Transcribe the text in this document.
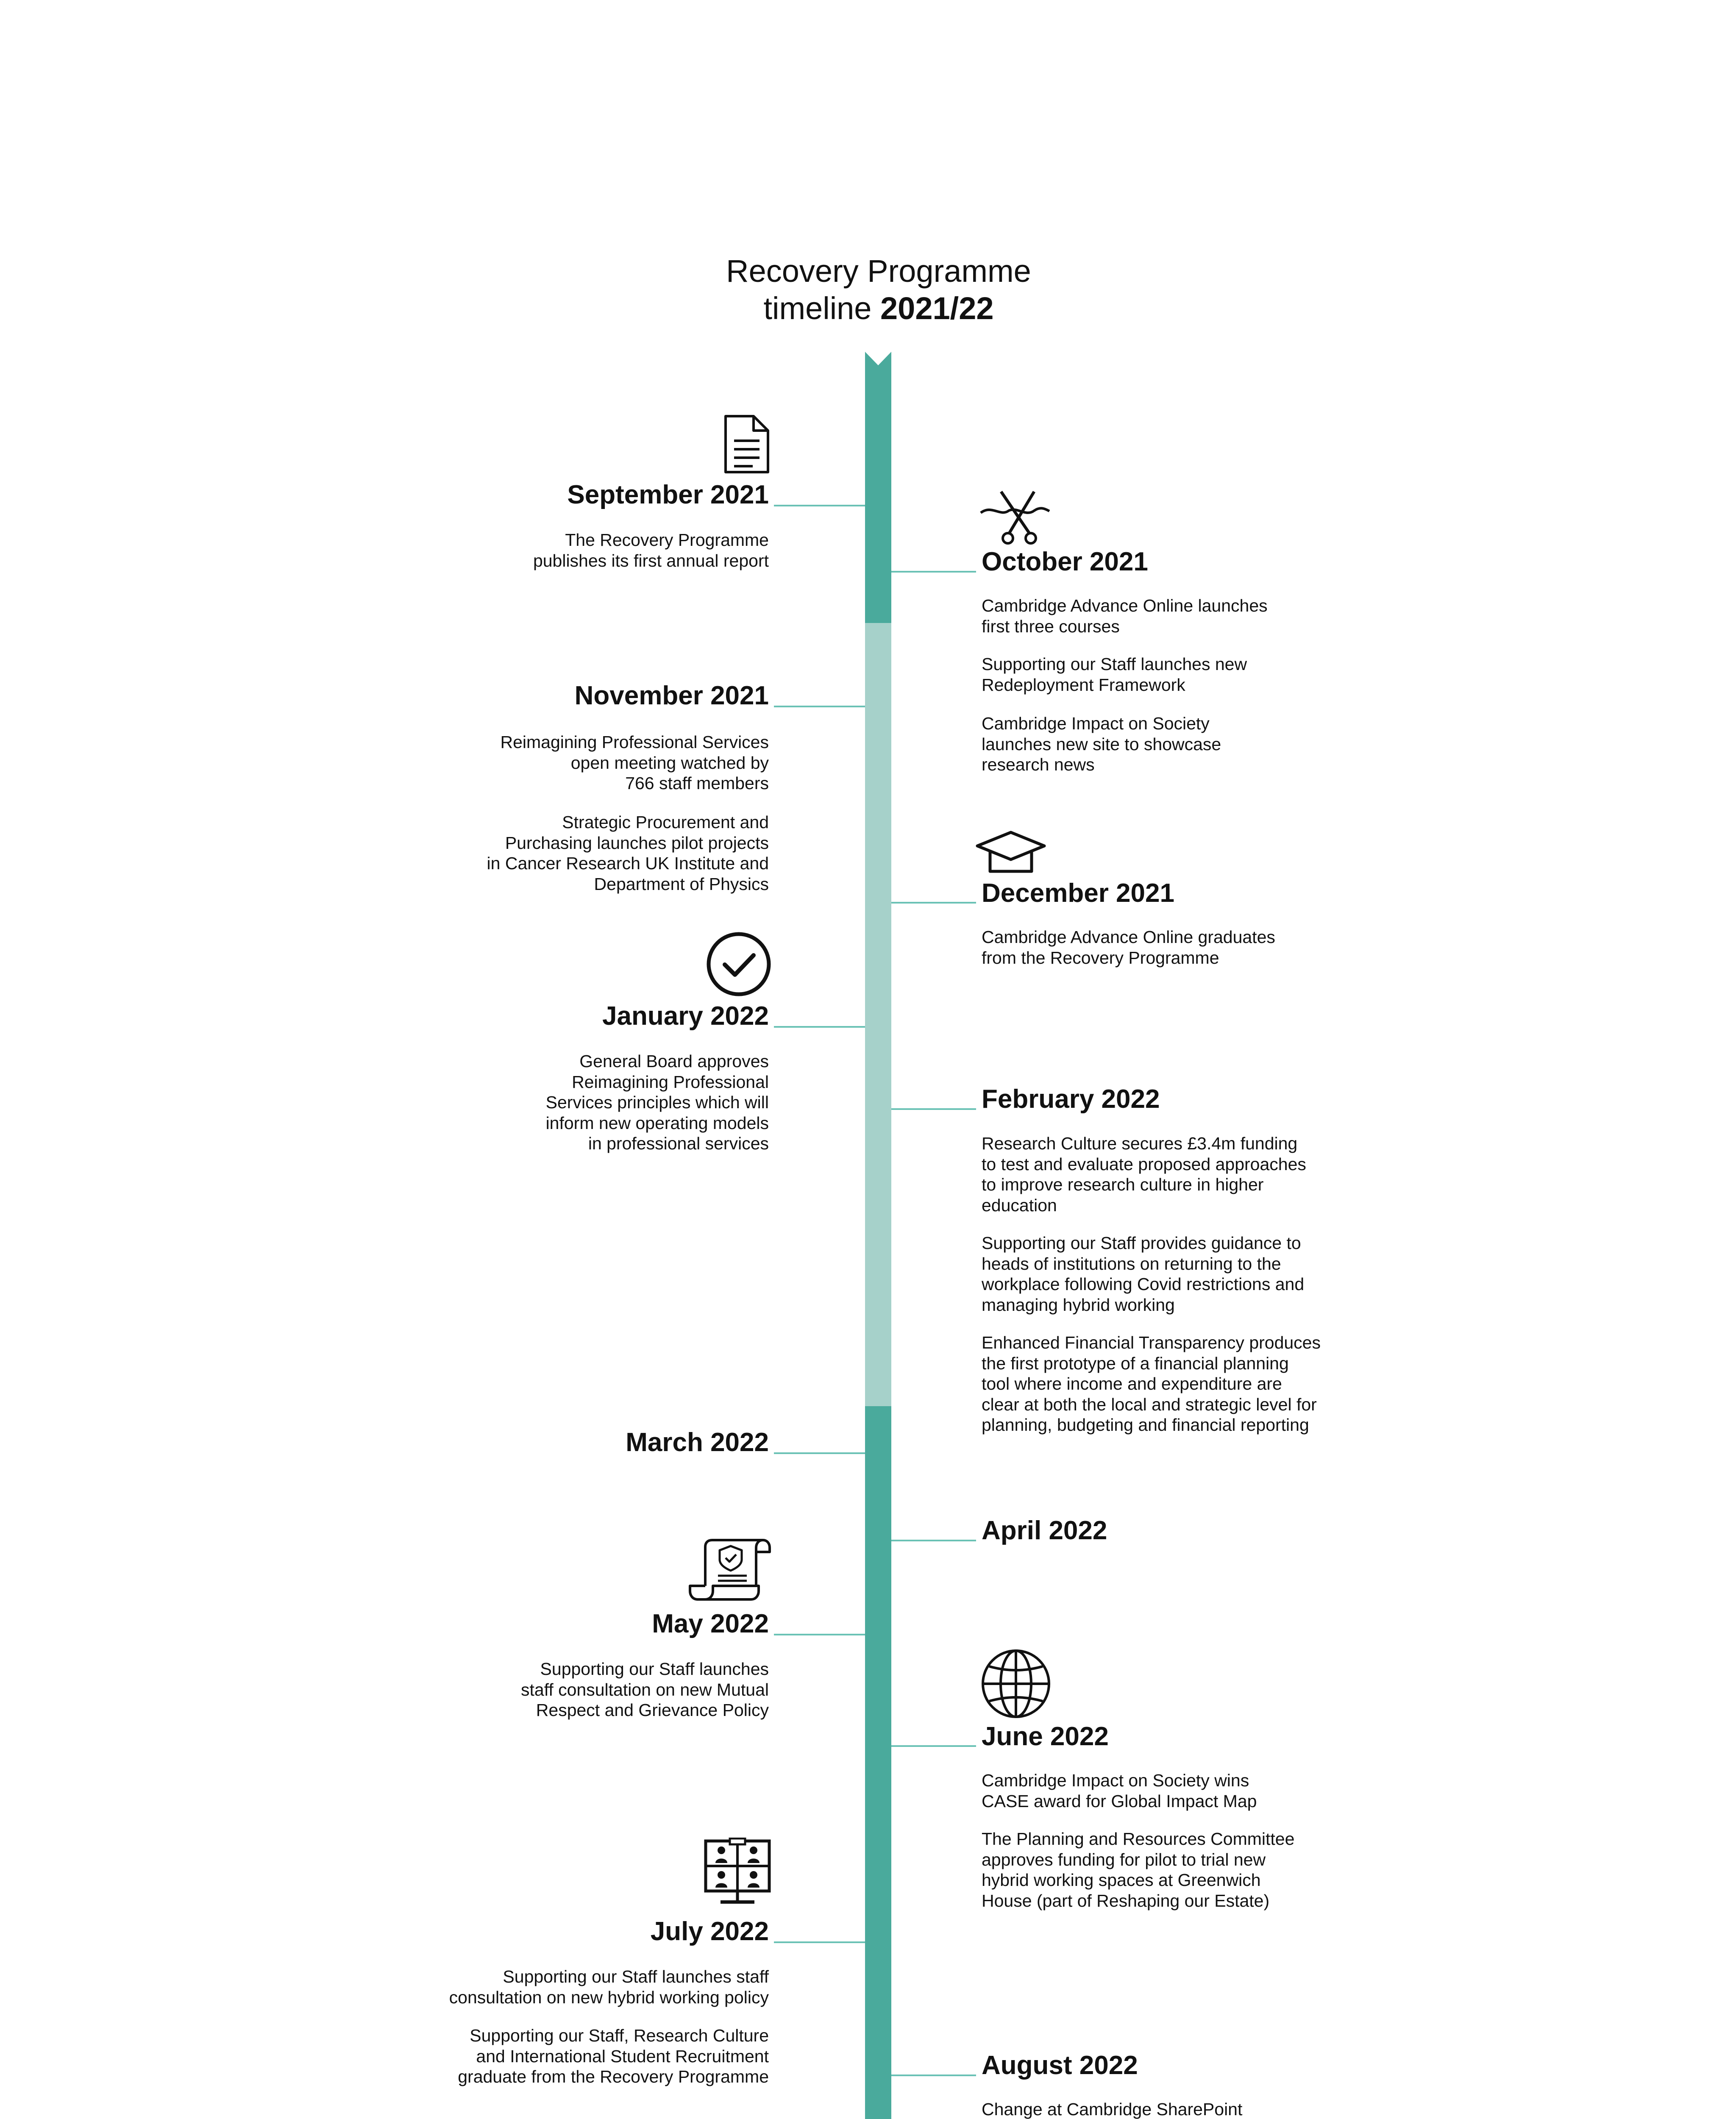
Recovery Programme
timeline 2021/22
September 2021
The Recovery Programme
publishes its first annual report	October 2021
Cambridge Advance Online launches
first three courses
Supporting our Staff launches new
Redeployment Framework
Cambridge Impact on Society
launches new site to showcase
research news
November 2021
Reimagining Professional Services
open meeting watched by
766 staff members
Strategic Procurement and
Purchasing launches pilot projects
in Cancer Research UK Institute and
Department of Physics	December 2021
Cambridge Advance Online graduates
from the Recovery Programme
January 2022
General Board approves
Reimagining Professional
Services principles which will
inform new operating models
in professional services
February 2022
Research Culture secures £3.4m funding
to test and evaluate proposed approaches
to improve research culture in higher
education
Supporting our Staff provides guidance to
heads of institutions on returning to the
workplace following Covid restrictions and
managing hybrid working
Enhanced Financial Transparency produces
the first prototype of a financial planning
tool where income and expenditure are
clear at both the local and strategic level for
planning, budgeting and financial reporting
March 2022
April 2022
May 2022
Supporting our Staff launches
staff consultation on new Mutual
Respect and Grievance Policy
June 2022
Cambridge Impact on Society wins
CASE award for Global Impact Map
The Planning and Resources Committee
approves funding for pilot to trial new
hybrid working spaces at Greenwich
House (part of Reshaping our Estate)
July 2022
Supporting our Staff launches staff
consultation on new hybrid working policy
Supporting our Staff, Research Culture
and International Student Recruitment
graduate from the Recovery Programme	August 2022
Change at Cambridge SharePoint
